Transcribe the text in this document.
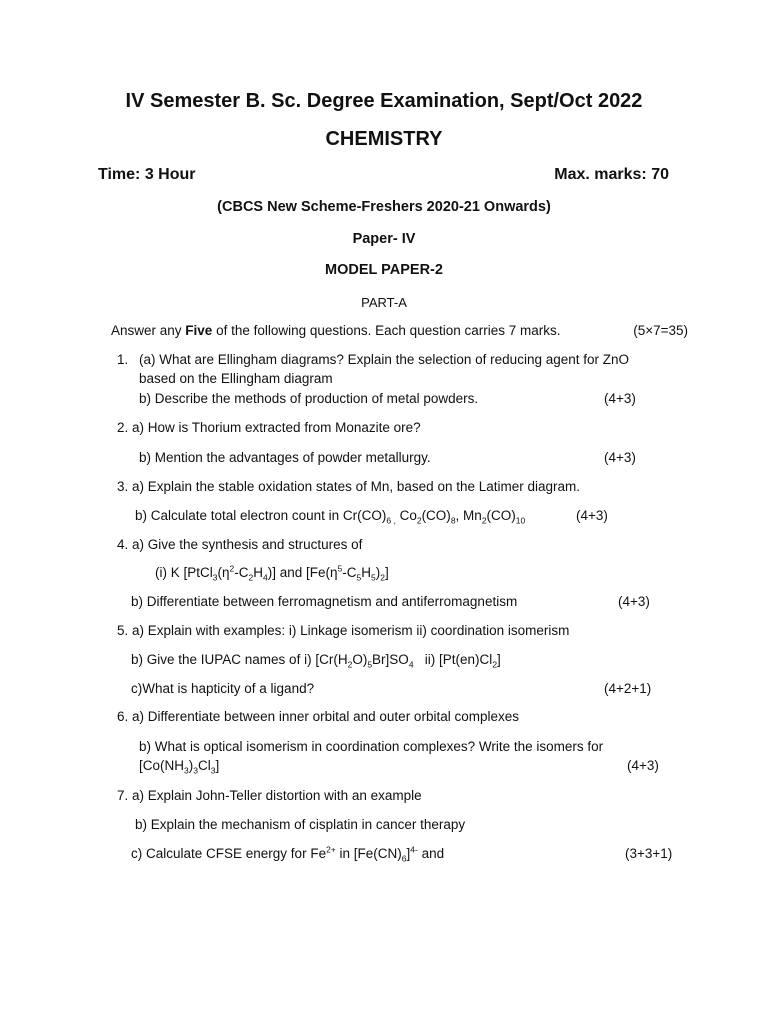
IV Semester B. Sc. Degree Examination, Sept/Oct 2022
CHEMISTRY
Time: 3 Hour	Max. marks: 70
(CBCS New Scheme-Freshers 2020-21 Onwards)
Paper- IV
MODEL PAPER-2
PART-A
Answer any Five of the following questions. Each question carries 7 marks.	(5×7=35)
1. (a) What are Ellingham diagrams? Explain the selection of reducing agent for ZnO
based on the Ellingham diagram
b) Describe the methods of production of metal powders.	(4+3)
2. a) How is Thorium extracted from Monazite ore?
b) Mention the advantages of powder metallurgy.	(4+3)
3. a) Explain the stable oxidation states of Mn, based on the Latimer diagram.
b) Calculate total electron count in $Cr(CO)_{6 ,}$ $Co_2(CO)_8$, $Mn_2(CO)_{10}$	(4+3)
4. a) Give the synthesis and structures of
(i) K $[PtCl_3(\eta^2-C_2H_4)]$ and $[Fe(\eta^5-C_5H_5)_2]$
b) Differentiate between ferromagnetism and antiferromagnetism	(4+3)
5. a) Explain with examples: i) Linkage isomerism ii) coordination isomerism
b) Give the IUPAC names of i) $[Cr(H_2O)_5Br]SO_4$   ii) $[Pt(en)Cl_2]$
c)What is hapticity of a ligand?	(4+2+1)
6. a) Differentiate between inner orbital and outer orbital complexes
b) What is optical isomerism in coordination complexes? Write the isomers for
$[Co(NH_3)_3Cl_3]$	(4+3)
7. a) Explain John-Teller distortion with an example
b) Explain the mechanism of cisplatin in cancer therapy
c) Calculate CFSE energy for $Fe^{2+}$ in $[Fe(CN)_6]^{4-}$ and	(3+3+1)
